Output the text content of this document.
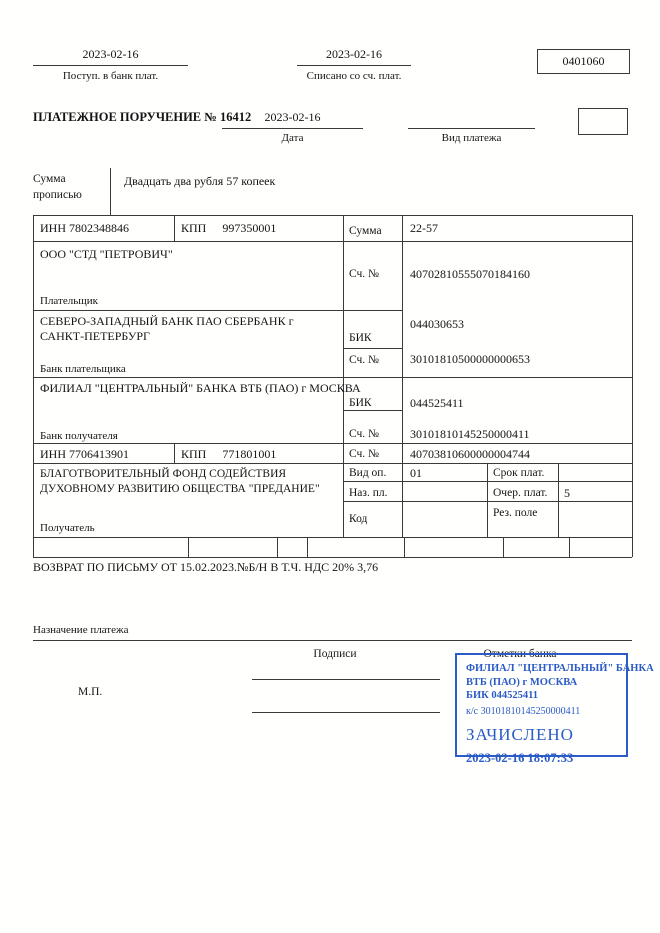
2023-02-16
Поступ. в банк плат.
2023-02-16
Списано со сч. плат.
0401060
ПЛАТЕЖНОЕ ПОРУЧЕНИЕ № 16412	2023-02-16
Дата	Вид платежа
Сумма
прописью
Двадцать два рубля 57 копеек
ИНН 7802348846	КПП 997350001	Сумма 22-57
ООО "СТД "ПЕТРОВИЧ"
Сч. №	40702810555070184160
Плательщик
СЕВЕРО-ЗАПАДНЫЙ БАНК ПАО СБЕРБАНК г САНКТ-ПЕТЕРБУРГ	БИК
044030653
Сч. №	30101810500000000653
Банк плательщика
ФИЛИАЛ "ЦЕНТРАЛЬНЫЙ" БАНКА ВТБ (ПАО) г МОСКВА
БИК	044525411
Сч. №	30101810145250000411
Банк получателя
ИНН 7706413901	КПП 771801001	Сч. №	40703810600000004744
БЛАГОТВОРИТЕЛЬНЫЙ ФОНД СОДЕЙСТВИЯ ДУХОВНОМУ РАЗВИТИЮ ОБЩЕСТВА "ПРЕДАНИЕ"
Получатель
Вид оп. 01	Срок плат.
Наз. пл.	Очер. плат. 5
Код	Рез. поле
ВОЗВРАТ ПО ПИСЬМУ ОТ 15.02.2023.№Б/Н В Т.Ч. НДС 20% 3,76
Назначение платежа
Подписи	Отметки банка
М.П.
ФИЛИАЛ "ЦЕНТРАЛЬНЫЙ" БАНКА
ВТБ (ПАО) г МОСКВА
БИК 044525411
к/с 30101810145250000411
ЗАЧИСЛЕНО
2023-02-16 18:07:33
